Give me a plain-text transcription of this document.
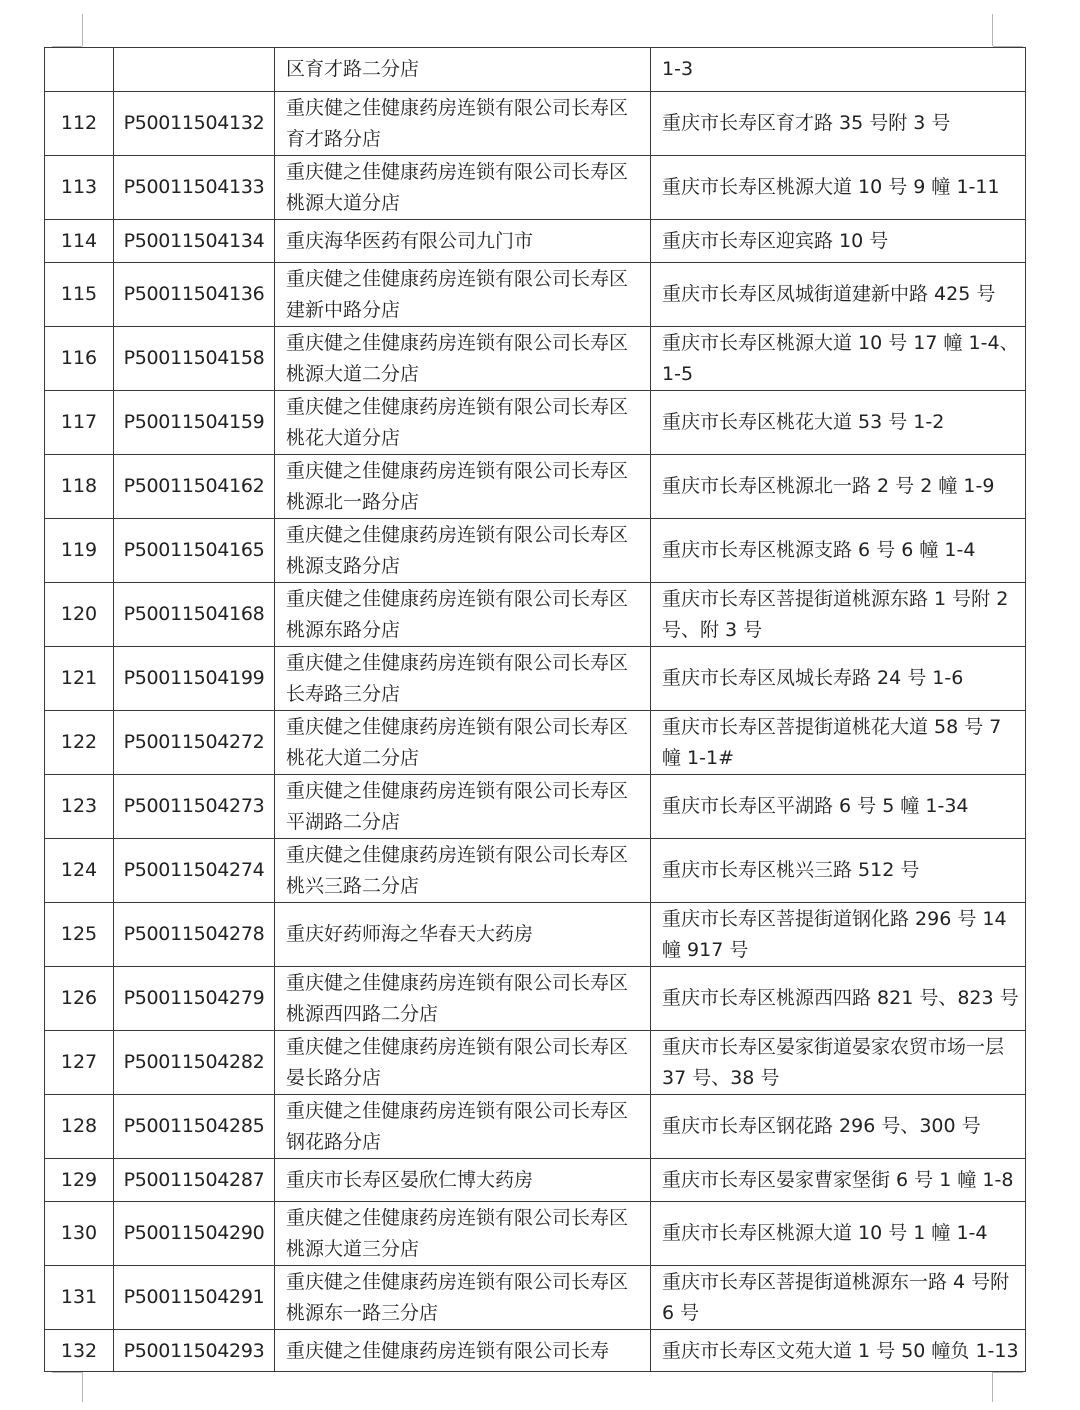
		区育才路二分店	1-3
112	P50011504132	重庆健之佳健康药房连锁有限公司长寿区育才路分店	重庆市长寿区育才路 35 号附 3 号
113	P50011504133	重庆健之佳健康药房连锁有限公司长寿区桃源大道分店	重庆市长寿区桃源大道 10 号 9 幢 1-11
114	P50011504134	重庆海华医药有限公司九门市	重庆市长寿区迎宾路 10 号
115	P50011504136	重庆健之佳健康药房连锁有限公司长寿区建新中路分店	重庆市长寿区凤城街道建新中路 425 号
116	P50011504158	重庆健之佳健康药房连锁有限公司长寿区桃源大道二分店	重庆市长寿区桃源大道 10 号 17 幢 1-4、1-5
117	P50011504159	重庆健之佳健康药房连锁有限公司长寿区桃花大道分店	重庆市长寿区桃花大道 53 号 1-2
118	P50011504162	重庆健之佳健康药房连锁有限公司长寿区桃源北一路分店	重庆市长寿区桃源北一路 2 号 2 幢 1-9
119	P50011504165	重庆健之佳健康药房连锁有限公司长寿区桃源支路分店	重庆市长寿区桃源支路 6 号 6 幢 1-4
120	P50011504168	重庆健之佳健康药房连锁有限公司长寿区桃源东路分店	重庆市长寿区菩提街道桃源东路 1 号附 2 号、附 3 号
121	P50011504199	重庆健之佳健康药房连锁有限公司长寿区长寿路三分店	重庆市长寿区凤城长寿路 24 号 1-6
122	P50011504272	重庆健之佳健康药房连锁有限公司长寿区桃花大道二分店	重庆市长寿区菩提街道桃花大道 58 号 7 幢 1-1#
123	P50011504273	重庆健之佳健康药房连锁有限公司长寿区平湖路二分店	重庆市长寿区平湖路 6 号 5 幢 1-34
124	P50011504274	重庆健之佳健康药房连锁有限公司长寿区桃兴三路二分店	重庆市长寿区桃兴三路 512 号
125	P50011504278	重庆好药师海之华春天大药房	重庆市长寿区菩提街道钢化路 296 号 14 幢 917 号
126	P50011504279	重庆健之佳健康药房连锁有限公司长寿区桃源西四路二分店	重庆市长寿区桃源西四路 821 号、823 号
127	P50011504282	重庆健之佳健康药房连锁有限公司长寿区晏长路分店	重庆市长寿区晏家街道晏家农贸市场一层 37 号、38 号
128	P50011504285	重庆健之佳健康药房连锁有限公司长寿区钢花路分店	重庆市长寿区钢花路 296 号、300 号
129	P50011504287	重庆市长寿区晏欣仁博大药房	重庆市长寿区晏家曹家堡街 6 号 1 幢 1-8
130	P50011504290	重庆健之佳健康药房连锁有限公司长寿区桃源大道三分店	重庆市长寿区桃源大道 10 号 1 幢 1-4
131	P50011504291	重庆健之佳健康药房连锁有限公司长寿区桃源东一路三分店	重庆市长寿区菩提街道桃源东一路 4 号附 6 号
132	P50011504293	重庆健之佳健康药房连锁有限公司长寿	重庆市长寿区文苑大道 1 号 50 幢负 1-13
